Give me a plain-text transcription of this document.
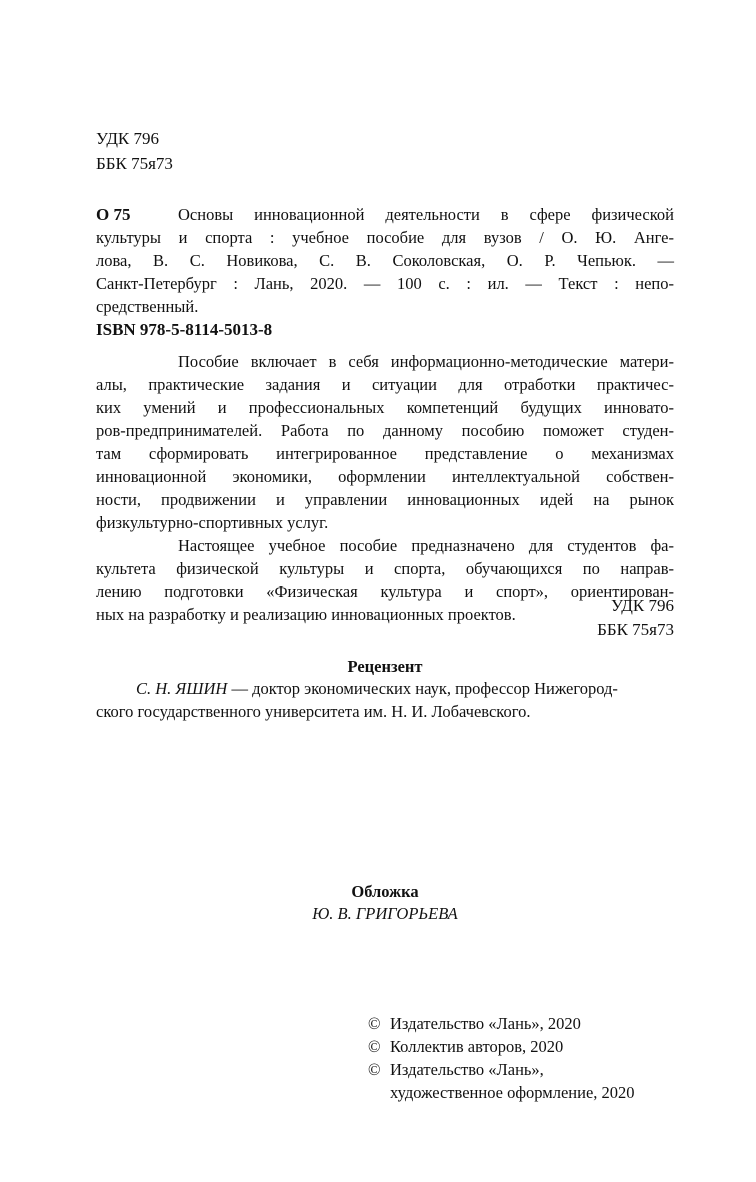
УДК 796
ББК 75я73
О 75	Основы инновационной деятельности в сфере физической
культуры и спорта : учебное пособие для вузов / О. Ю. Анге-
лова, В. С. Новикова, С. В. Соколовская, О. Р. Чепьюк. —
Санкт-Петербург : Лань, 2020. — 100 с. : ил. — Текст : непо-
средственный.
ISBN 978-5-8114-5013-8
Пособие включает в себя информационно-методические матери-
алы, практические задания и ситуации для отработки практичес-
ких умений и профессиональных компетенций будущих инновато-
ров-предпринимателей. Работа по данному пособию поможет студен-
там сформировать интегрированное представление о механизмах
инновационной экономики, оформлении интеллектуальной собствен-
ности, продвижении и управлении инновационных идей на рынок
физкультурно-спортивных услуг.
Настоящее учебное пособие предназначено для студентов фа-
культета физической культуры и спорта, обучающихся по направ-
лению подготовки «Физическая культура и спорт», ориентирован-
ных на разработку и реализацию инновационных проектов.	УДК 796
ББК 75я73
Рецензент
С. Н. ЯШИН — доктор экономических наук, профессор Нижегород-
ского государственного университета им. Н. И. Лобачевского.
Обложка
Ю. В. ГРИГОРЬЕВА
© Издательство «Лань», 2020
© Коллектив авторов, 2020
© Издательство «Лань»,
художественное оформление, 2020
